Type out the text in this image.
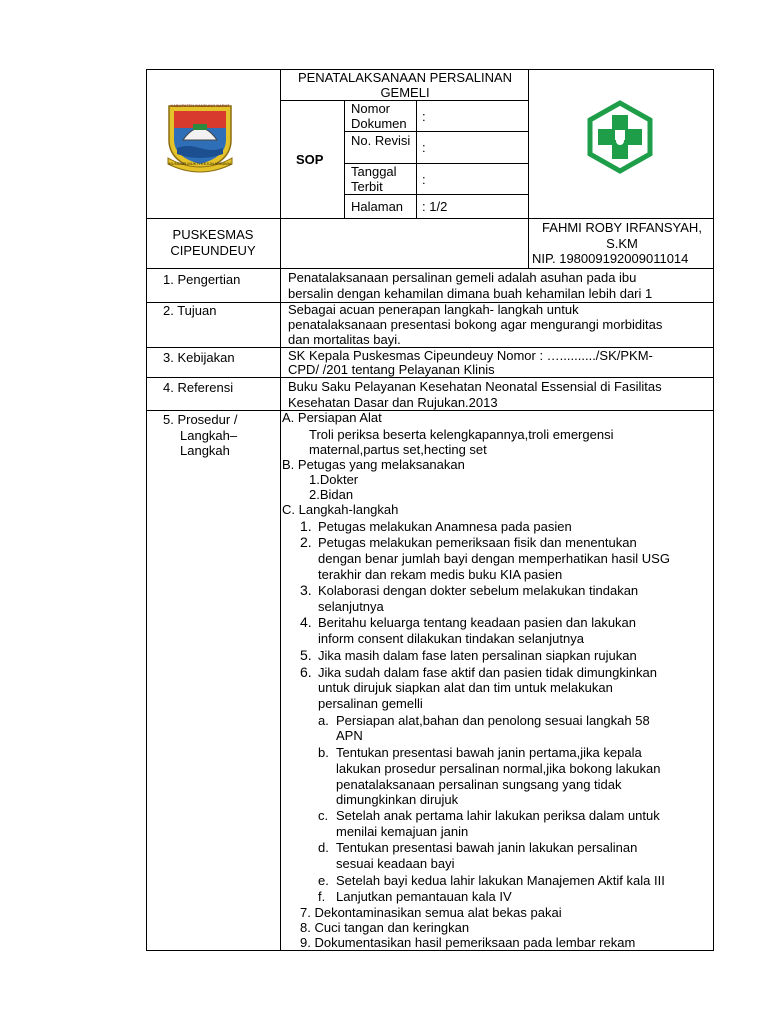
KABUPATEN BANDUNG BARAT
MUNDUR MUKTI KEJUN WIBAWA
PENATALAKSANAAN PERSALINAN GEMELI
SOP
Nomor Dokumen	:
No. Revisi :
Tanggal Terbit	:
Halaman : 1/2
PUSKESMAS CIPEUNDEUY
FAHMI ROBY IRFANSYAH, S.KM
NIP. 198009192009011014
1. Pengertian	Penatalaksanaan persalinan gemeli adalah asuhan pada ibu
bersalin dengan kehamilan dimana buah kehamilan lebih dari 1
2. Tujuan	Sebagai acuan penerapan langkah- langkah untuk
penatalaksanaan presentasi bokong agar mengurangi morbiditas
dan mortalitas bayi.
3. Kebijakan	SK Kepala Puskesmas Cipeundeuy Nomor : …........../SK/PKM-
CPD/ /201 tentang Pelayanan Klinis
4. Referensi	Buku Saku Pelayanan Kesehatan Neonatal Essensial di Fasilitas
Kesehatan Dasar dan Rujukan.2013
5. Prosedur /
Langkah–
Langkah
A. Persiapan Alat
Troli periksa beserta kelengkapannya,troli emergensi
maternal,partus set,hecting set
B. Petugas yang melaksanakan
1.Dokter
2.Bidan
C. Langkah-langkah
1. Petugas melakukan Anamnesa pada pasien
2. Petugas melakukan pemeriksaan fisik dan menentukan
dengan benar jumlah bayi dengan memperhatikan hasil USG
terakhir dan rekam medis buku KIA pasien
3. Kolaborasi dengan dokter sebelum melakukan tindakan
selanjutnya
4. Beritahu keluarga tentang keadaan pasien dan lakukan
inform consent dilakukan tindakan selanjutnya
5. Jika masih dalam fase laten persalinan siapkan rujukan
6. Jika sudah dalam fase aktif dan pasien tidak dimungkinkan
untuk dirujuk siapkan alat dan tim untuk melakukan
persalinan gemelli
a. Persiapan alat,bahan dan penolong sesuai langkah 58
APN
b. Tentukan presentasi bawah janin pertama,jika kepala
lakukan prosedur persalinan normal,jika bokong lakukan
penatalaksanaan persalinan sungsang yang tidak
dimungkinkan dirujuk
c. Setelah anak pertama lahir lakukan periksa dalam untuk
menilai kemajuan janin
d. Tentukan presentasi bawah janin lakukan persalinan
sesuai keadaan bayi
e. Setelah bayi kedua lahir lakukan Manajemen Aktif kala III
f. Lanjutkan pemantauan kala IV
7. Dekontaminasikan semua alat bekas pakai
8. Cuci tangan dan keringkan
9. Dokumentasikan hasil pemeriksaan pada lembar rekam
